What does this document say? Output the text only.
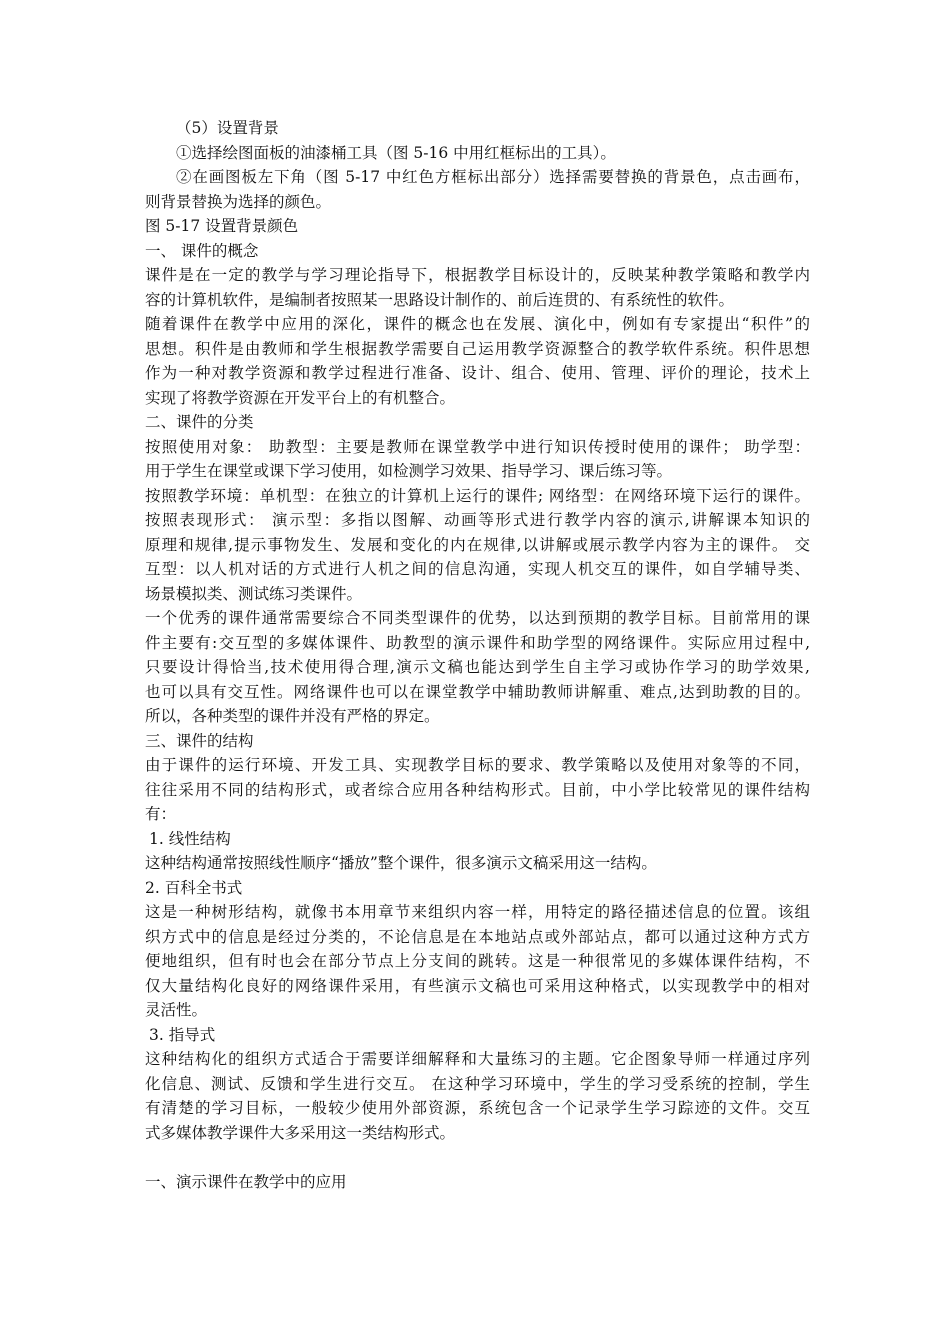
（5）设置背景
①选择绘图面板的油漆桶工具（图 5-16 中用红框标出的工具）。
②在画图板左下角（图 5-17 中红色方框标出部分）选择需要替换的背景色，点击画布，
则背景替换为选择的颜色。
图 5-17 设置背景颜色
一、 课件的概念
课件是在一定的教学与学习理论指导下，根据教学目标设计的，反映某种教学策略和教学内
容的计算机软件，是编制者按照某一思路设计制作的、前后连贯的、有系统性的软件。
随着课件在教学中应用的深化，课件的概念也在发展、演化中，例如有专家提出“积件”的
思想。积件是由教师和学生根据教学需要自己运用教学资源整合的教学软件系统。积件思想
作为一种对教学资源和教学过程进行准备、设计、组合、使用、管理、评价的理论，技术上
实现了将教学资源在开发平台上的有机整合。
二、课件的分类
按照使用对象： 助教型：主要是教师在课堂教学中进行知识传授时使用的课件； 助学型：
用于学生在课堂或课下学习使用，如检测学习效果、指导学习、课后练习等。
按照教学环境：单机型：在独立的计算机上运行的课件; 网络型：在网络环境下运行的课件。
按照表现形式： 演示型：多指以图解、动画等形式进行教学内容的演示,讲解课本知识的
原理和规律,提示事物发生、发展和变化的内在规律,以讲解或展示教学内容为主的课件。 交
互型：以人机对话的方式进行人机之间的信息沟通，实现人机交互的课件，如自学辅导类、
场景模拟类、测试练习类课件。
一个优秀的课件通常需要综合不同类型课件的优势，以达到预期的教学目标。目前常用的课
件主要有:交互型的多媒体课件、助教型的演示课件和助学型的网络课件。实际应用过程中,
只要设计得恰当,技术使用得合理,演示文稿也能达到学生自主学习或协作学习的助学效果,
也可以具有交互性。网络课件也可以在课堂教学中辅助教师讲解重、难点,达到助教的目的。
所以，各种类型的课件并没有严格的界定。
三、课件的结构
由于课件的运行环境、开发工具、实现教学目标的要求、教学策略以及使用对象等的不同，
往往采用不同的结构形式，或者综合应用各种结构形式。目前，中小学比较常见的课件结构
有：
1. 线性结构
这种结构通常按照线性顺序“播放”整个课件，很多演示文稿采用这一结构。
2. 百科全书式
这是一种树形结构，就像书本用章节来组织内容一样，用特定的路径描述信息的位置。该组
织方式中的信息是经过分类的，不论信息是在本地站点或外部站点，都可以通过这种方式方
便地组织，但有时也会在部分节点上分支间的跳转。这是一种很常见的多媒体课件结构，不
仅大量结构化良好的网络课件采用，有些演示文稿也可采用这种格式，以实现教学中的相对
灵活性。
3. 指导式
这种结构化的组织方式适合于需要详细解释和大量练习的主题。它企图象导师一样通过序列
化信息、测试、反馈和学生进行交互。 在这种学习环境中，学生的学习受系统的控制，学生
有清楚的学习目标，一般较少使用外部资源，系统包含一个记录学生学习踪迹的文件。交互
式多媒体教学课件大多采用这一类结构形式。
一、演示课件在教学中的应用
